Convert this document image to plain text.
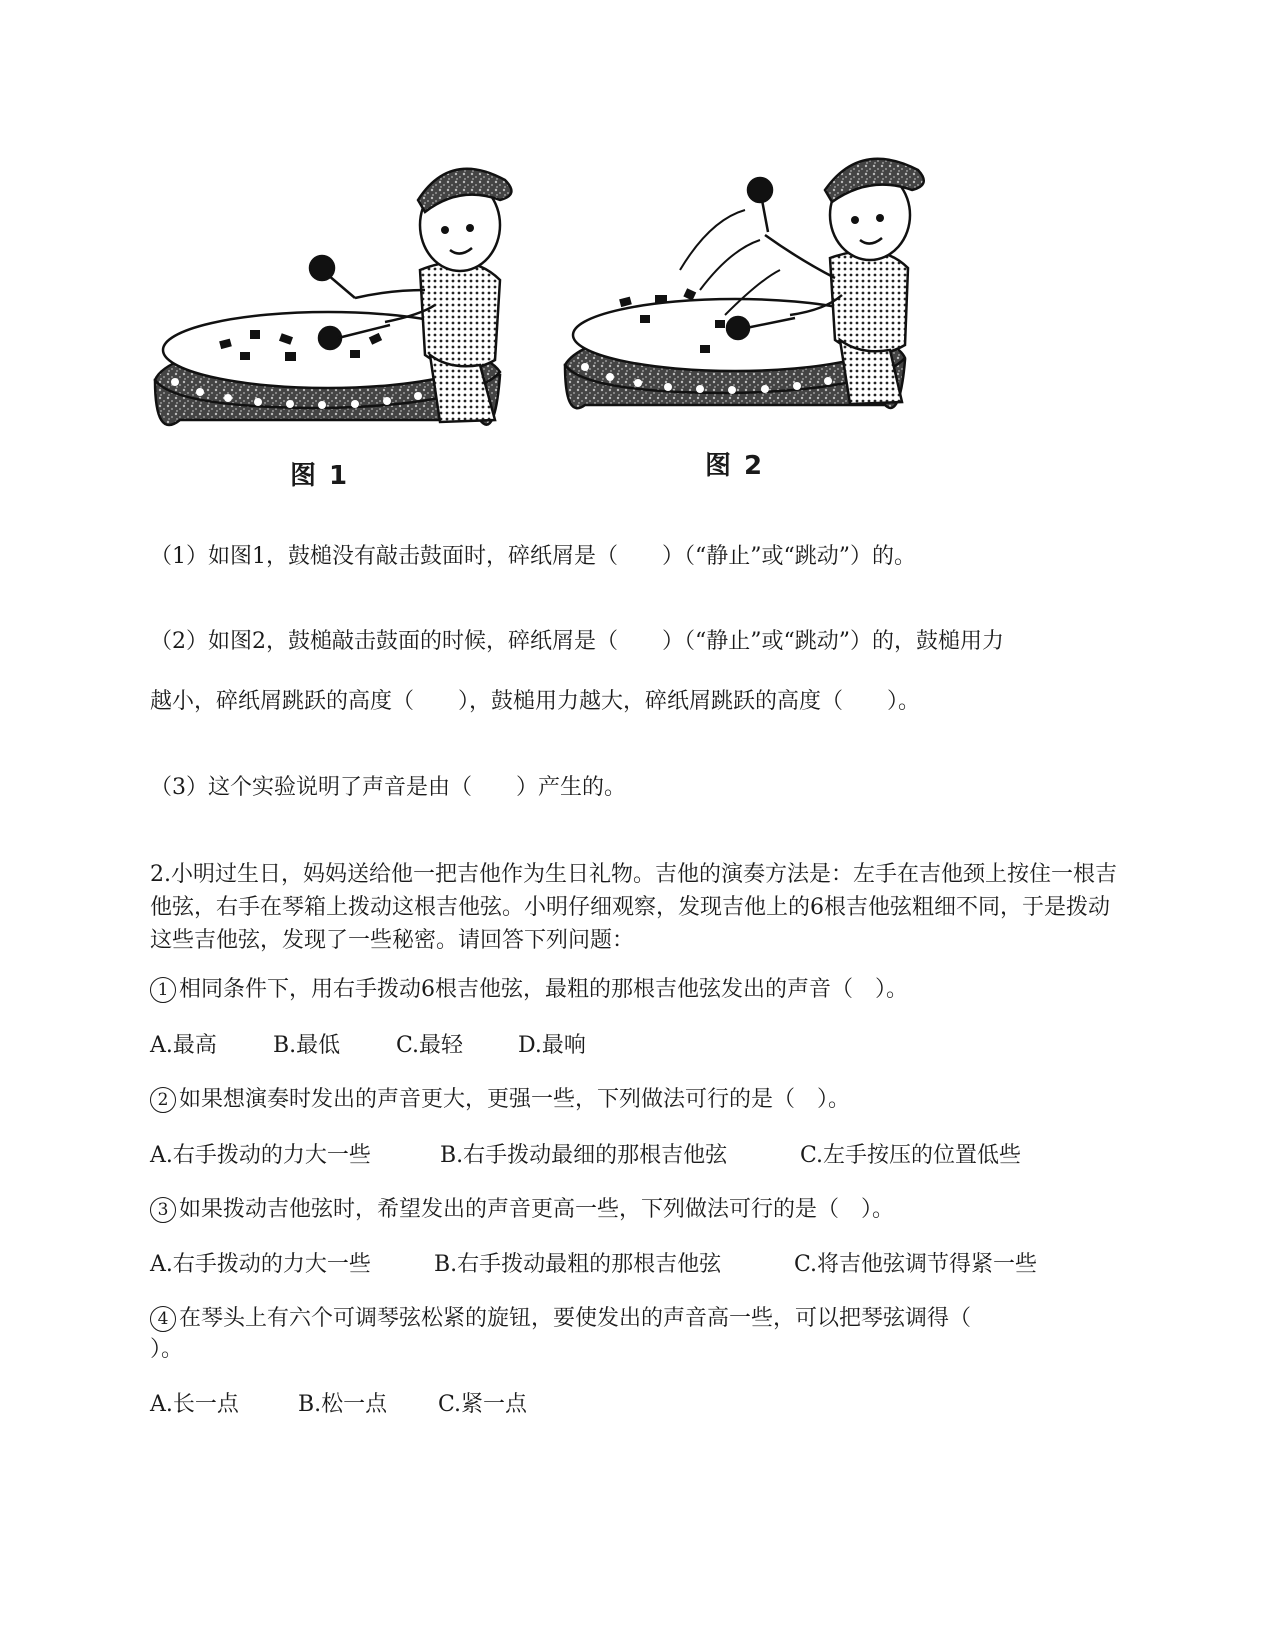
图 1	图 2
（1）如图1，鼓槌没有敲击鼓面时，碎纸屑是（　　）（“静止”或“跳动”）的。
（2）如图2，鼓槌敲击鼓面的时候，碎纸屑是（　　）（“静止”或“跳动”）的，鼓槌用力
越小，碎纸屑跳跃的高度（　　），鼓槌用力越大，碎纸屑跳跃的高度（　　）。
（3）这个实验说明了声音是由（　　）产生的。
2.小明过生日，妈妈送给他一把吉他作为生日礼物。吉他的演奏方法是：左手在吉他颈上按住一根吉他弦，右手在琴箱上拨动这根吉他弦。小明仔细观察，发现吉他上的6根吉他弦粗细不同，于是拨动这些吉他弦，发现了一些秘密。请回答下列问题：
1 相同条件下，用右手拨动6根吉他弦，最粗的那根吉他弦发出的声音（　）。
A.最高	B.最低	C.最轻 D.最响
2 如果想演奏时发出的声音更大，更强一些，下列做法可行的是（　）。
A.右手拨动的力大一些	B.右手拨动最细的那根吉他弦	C.左手按压的位置低些
3 如果拨动吉他弦时，希望发出的声音更高一些，下列做法可行的是（　）。
A.右手拨动的力大一些	B.右手拨动最粗的那根吉他弦	C.将吉他弦调节得紧一些
4 在琴头上有六个可调琴弦松紧的旋钮，要使发出的声音高一些，可以把琴弦调得（
）。
A.长一点	B.松一点 C.紧一点
